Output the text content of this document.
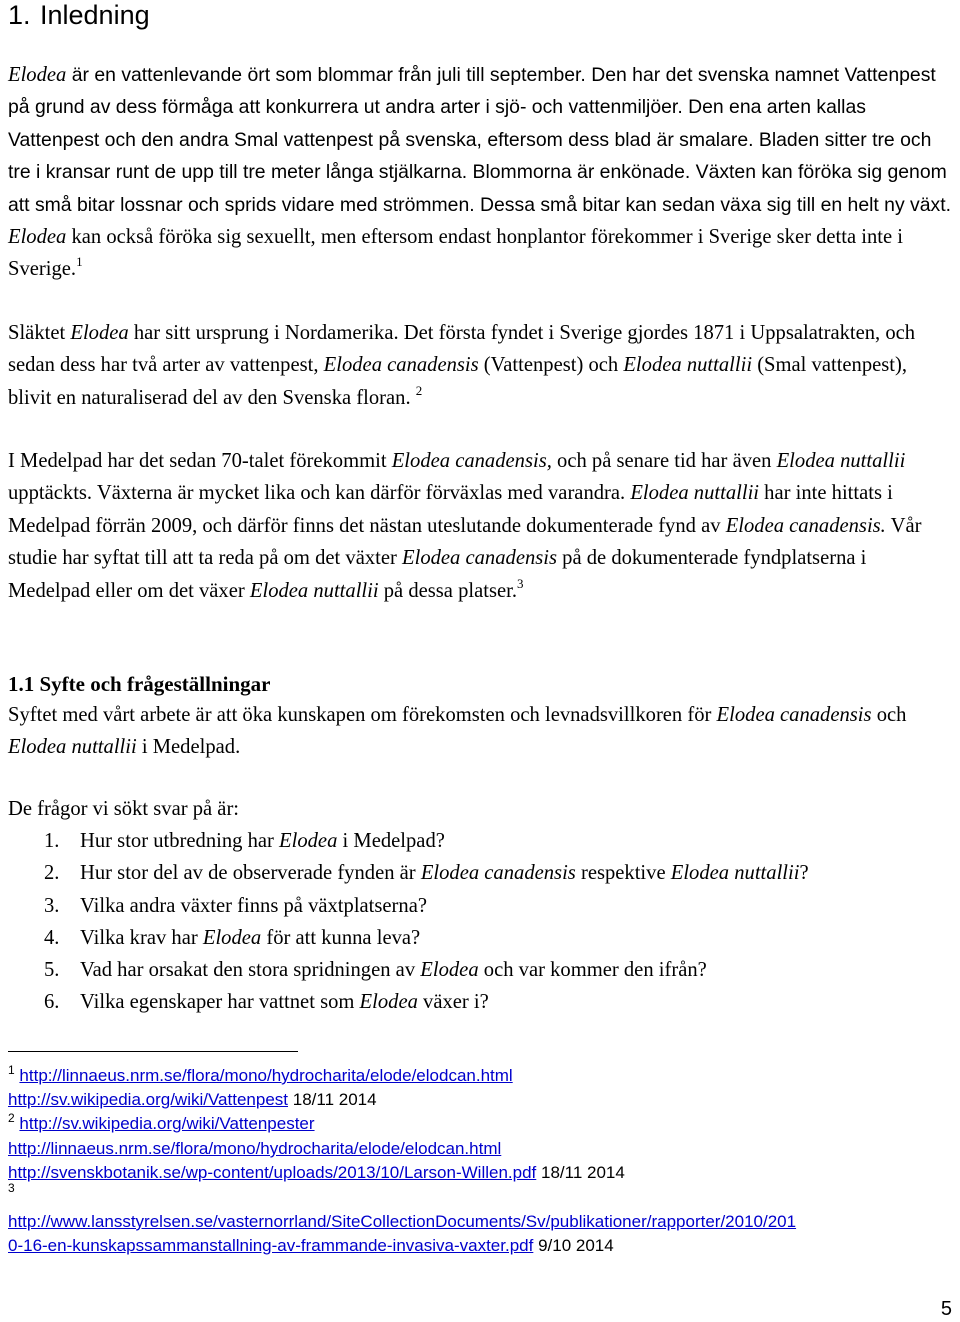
1. Inledning

Elodea är en vattenlevande ört som blommar från juli till september. Den har det svenska namnet Vattenpest på grund av dess förmåga att konkurrera ut andra arter i sjö- och vattenmiljöer. Den ena arten kallas Vattenpest och den andra Smal vattenpest på svenska, eftersom dess blad är smalare. Bladen sitter tre och tre i kransar runt de upp till tre meter långa stjälkarna. Blommorna är enkönade. Växten kan föröka sig genom att små bitar lossnar och sprids vidare med strömmen. Dessa små bitar kan sedan växa sig till en helt ny växt. Elodea kan också föröka sig sexuellt, men eftersom endast honplantor förekommer i Sverige sker detta inte i Sverige.$^1$

Släktet Elodea har sitt ursprung i Nordamerika. Det första fyndet i Sverige gjordes 1871 i Uppsalatrakten, och sedan dess har två arter av vattenpest, Elodea canadensis (Vattenpest) och Elodea nuttallii (Smal vattenpest), blivit en naturaliserad del av den Svenska floran. $^2$

I Medelpad har det sedan 70-talet förekommit Elodea canadensis, och på senare tid har även Elodea nuttallii upptäckts. Växterna är mycket lika och kan därför förväxlas med varandra. Elodea nuttallii har inte hittats i Medelpad förrän 2009, och därför finns det nästan uteslutande dokumenterade fynd av Elodea canadensis. Vår studie har syftat till att ta reda på om det växter Elodea canadensis på de dokumenterade fyndplatserna i Medelpad eller om det växer Elodea nuttallii på dessa platser.$^3$

1.1 Syfte och frågeställningar

Syftet med vårt arbete är att öka kunskapen om förekomsten och levnadsvillkoren för Elodea canadensis och Elodea nuttallii i Medelpad.

De frågor vi sökt svar på är:

1. Hur stor utbredning har Elodea i Medelpad?
2. Hur stor del av de observerade fynden är Elodea canadensis respektive Elodea nuttallii?
3. Vilka andra växter finns på växtplatserna?
4. Vilka krav har Elodea för att kunna leva?
5. Vad har orsakat den stora spridningen av Elodea och var kommer den ifrån?
6. Vilka egenskaper har vattnet som Elodea växer i?
$^1$ http://linnaeus.nrm.se/flora/mono/hydrocharita/elode/elodcan.html
http://sv.wikipedia.org/wiki/Vattenpest 18/11 2014
$^2$ http://sv.wikipedia.org/wiki/Vattenpester
http://linnaeus.nrm.se/flora/mono/hydrocharita/elode/elodcan.html
http://svenskbotanik.se/wp-content/uploads/2013/10/Larson-Willen.pdf 18/11 2014
$^3$
http://www.lansstyrelsen.se/vasternorrland/SiteCollectionDocuments/Sv/publikationer/rapporter/2010/201
0-16-en-kunskapssammanstallning-av-frammande-invasiva-vaxter.pdf 9/10 2014
5
